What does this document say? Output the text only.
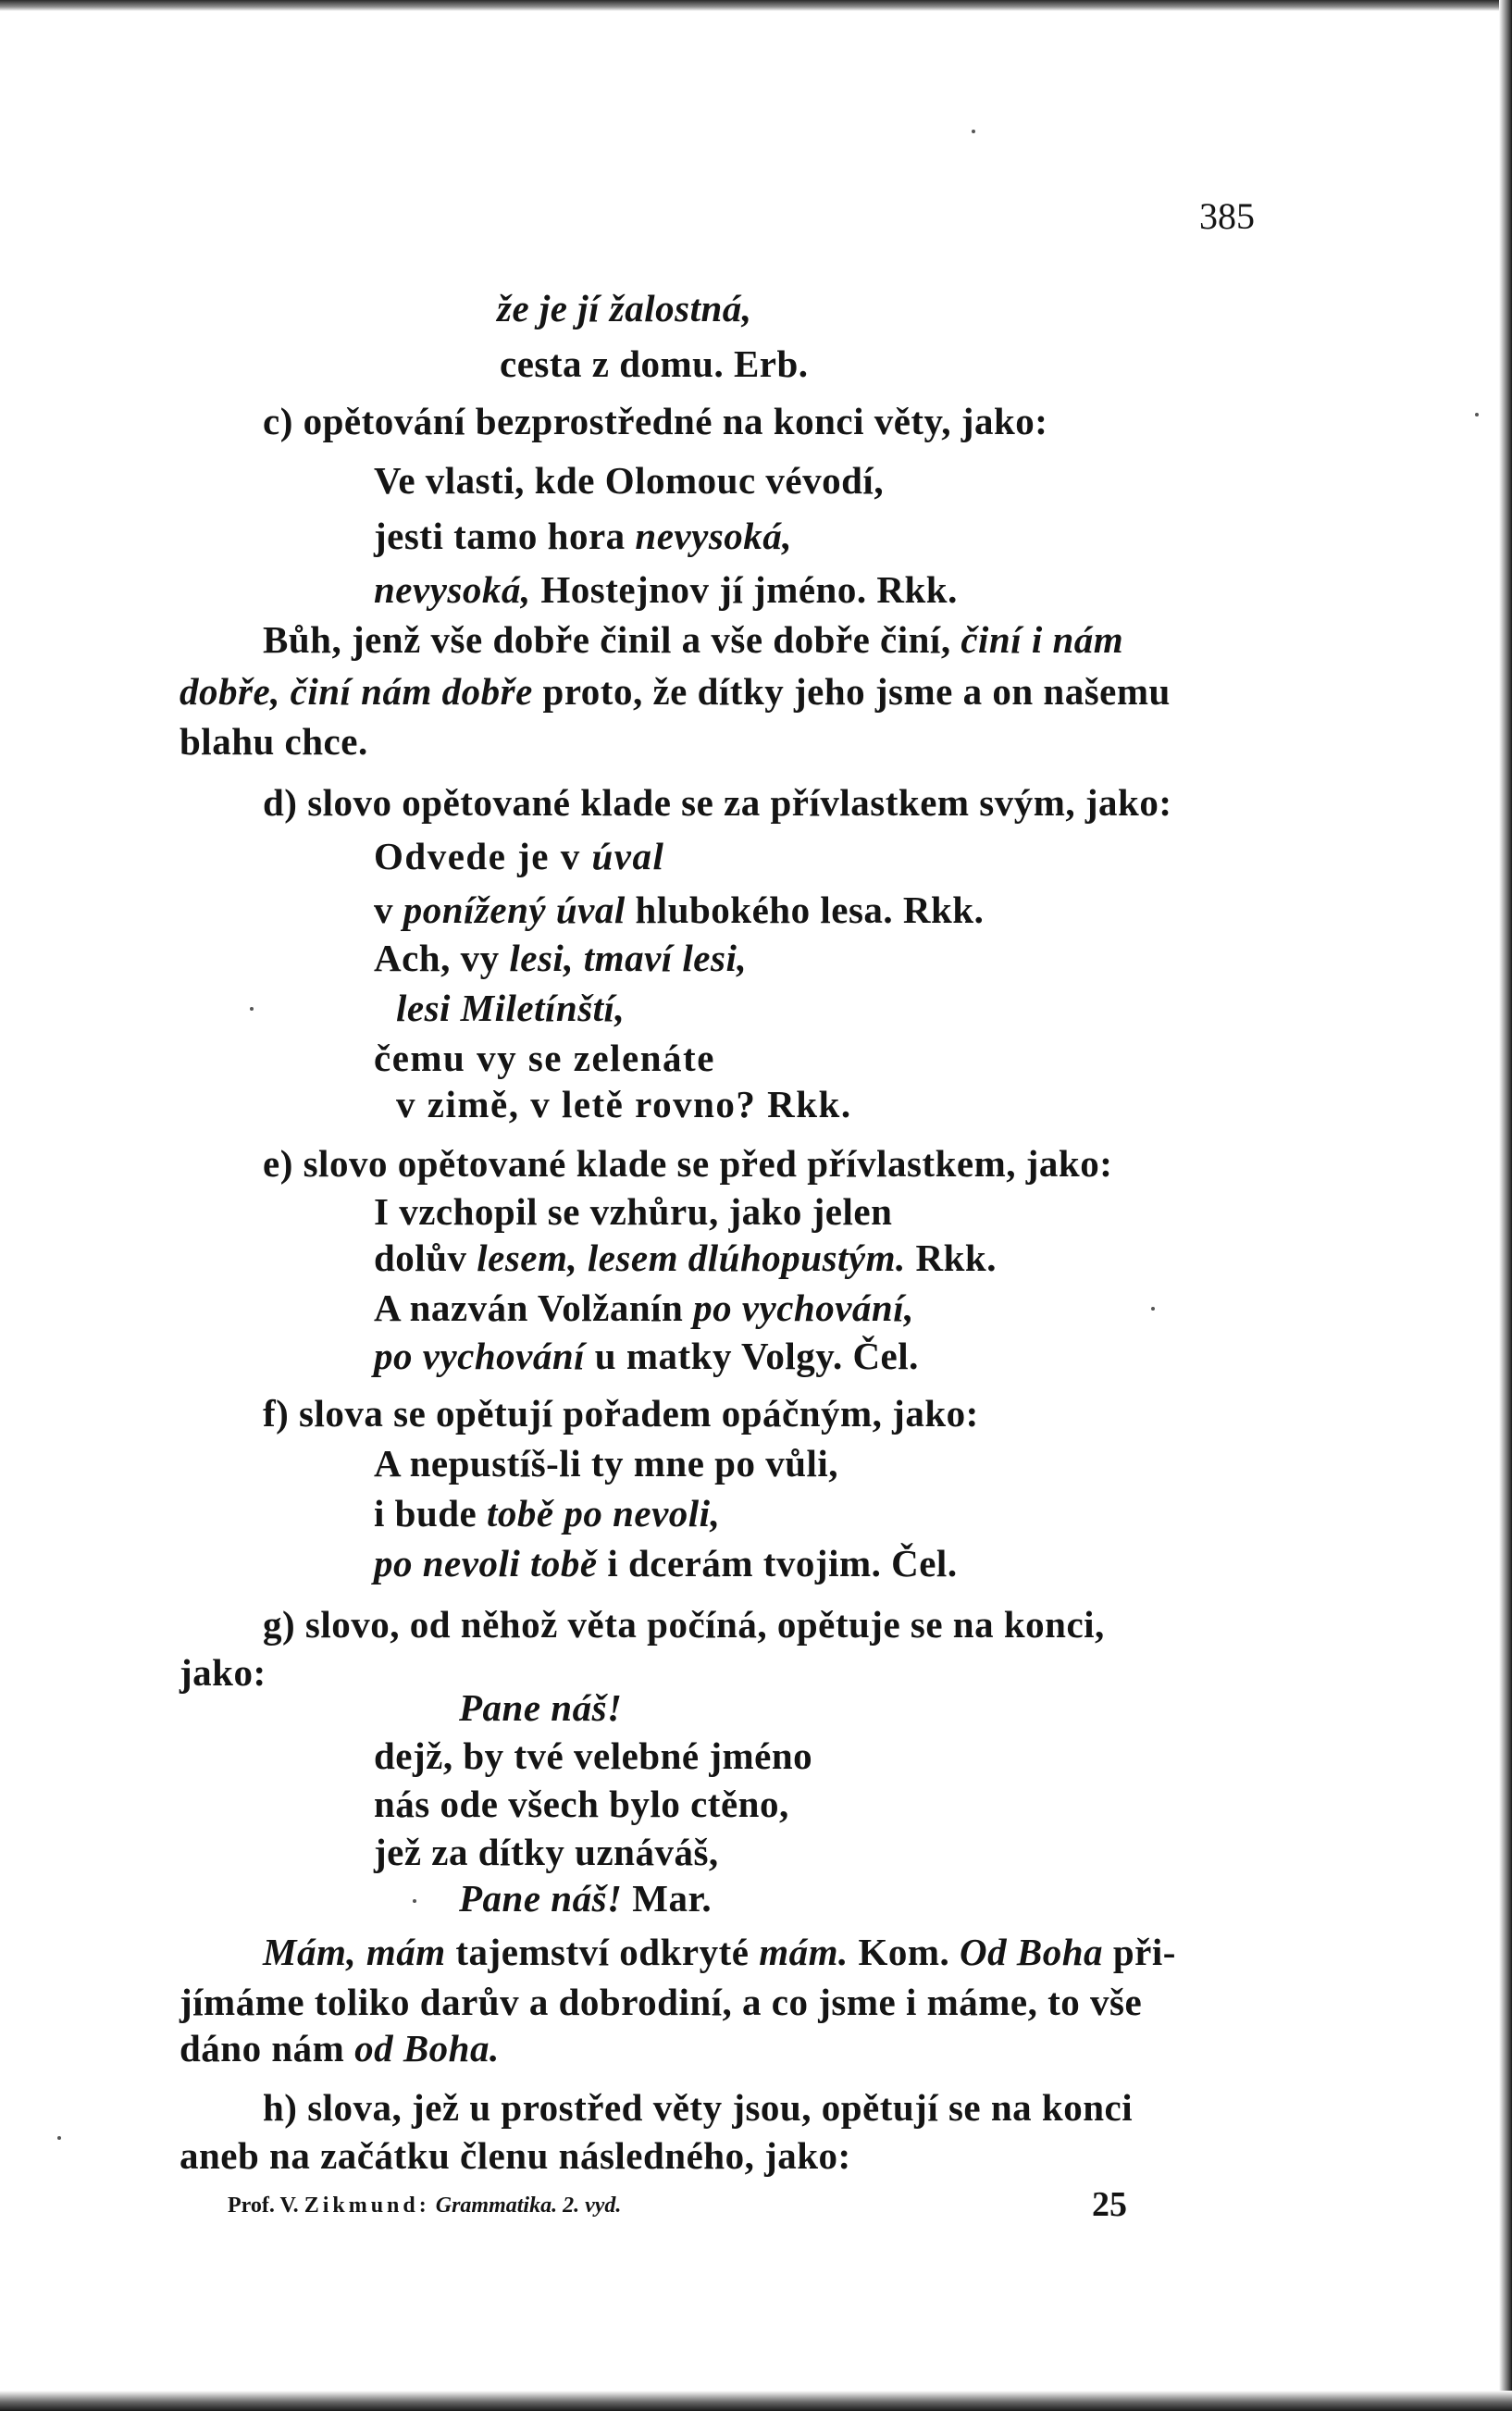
385
že je jí žalostná,
cesta z domu. Erb.
c) opětování bezprostředné na konci věty, jako:
Ve vlasti, kde Olomouc vévodí,
jesti tamo hora nevysoká,
nevysoká, Hostejnov jí jméno. Rkk.
Bůh, jenž vše dobře činil a vše dobře činí, činí i nám
dobře, činí nám dobře proto, že dítky jeho jsme a on našemu
blahu chce.
d) slovo opětované klade se za přívlastkem svým, jako:
Odvede je v úval
v ponížený úval hlubokého lesa. Rkk.
Ach, vy lesi, tmaví lesi,
lesi Miletínští,
čemu vy se zelenáte
v zimě, v letě rovno? Rkk.
e) slovo opětované klade se před přívlastkem, jako:
I vzchopil se vzhůru, jako jelen
dolův lesem, lesem dlúhopustým. Rkk.
A nazván Volžanín po vychování,
po vychování u matky Volgy. Čel.
f) slova se opětují pořadem opáčným, jako:
A nepustíš-li ty mne po vůli,
i bude tobě po nevoli,
po nevoli tobě i dcerám tvojim. Čel.
g) slovo, od něhož věta počíná, opětuje se na konci,
jako:
Pane náš!
dejž, by tvé velebné jméno
nás ode všech bylo ctěno,
jež za dítky uznáváš,
Pane náš! Mar.
Mám, mám tajemství odkryté mám. Kom. Od Boha při-
jímáme toliko darův a dobrodiní, a co jsme i máme, to vše
dáno nám od Boha.
h) slova, jež u prostřed věty jsou, opětují se na konci
aneb na začátku členu následného, jako:
Prof. V. Zikmund: Grammatika. 2. vyd.	25
